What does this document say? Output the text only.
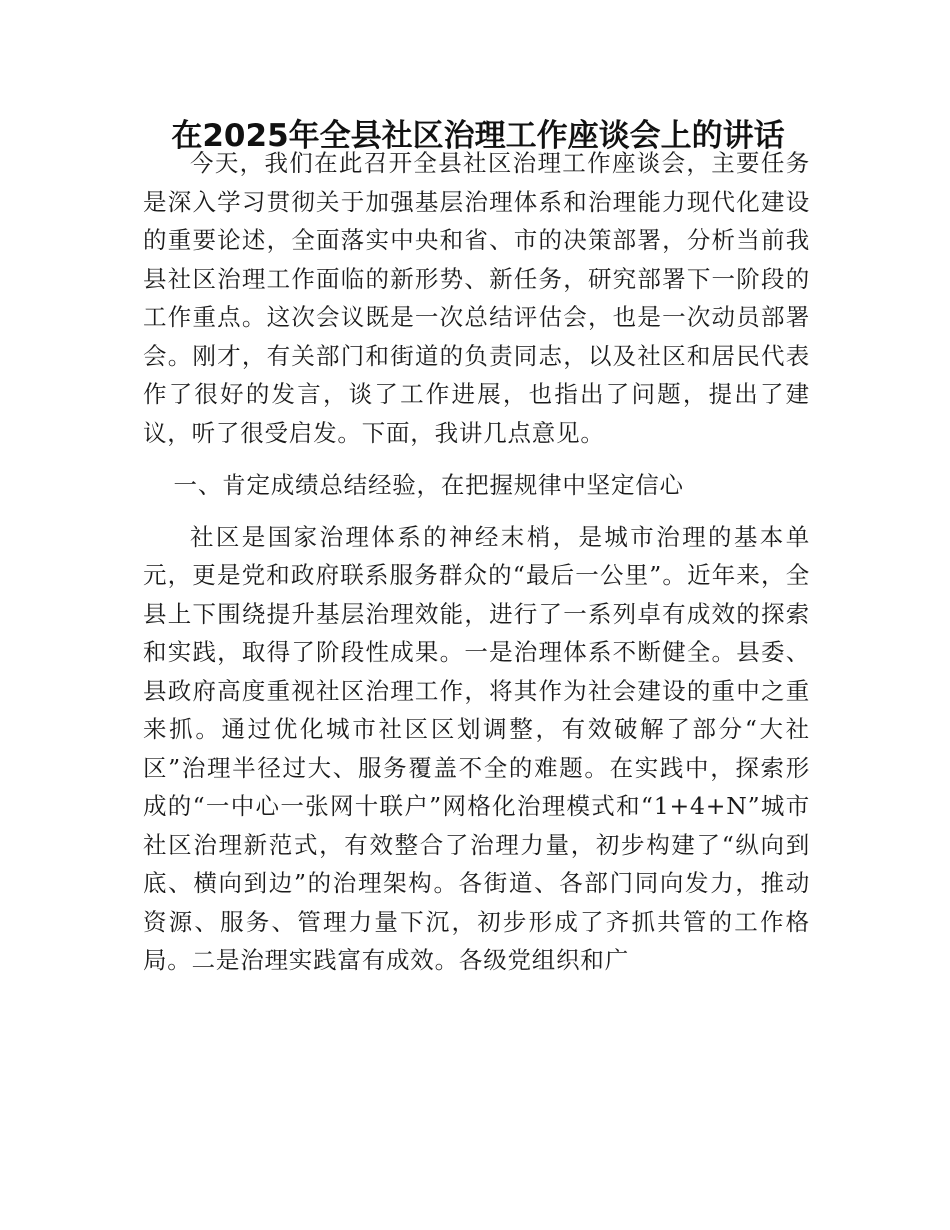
在2025年全县社区治理工作座谈会上的讲话

今天，我们在此召开全县社区治理工作座谈会，主要任务是深入学习贯彻关于加强基层治理体系和治理能力现代化建设的重要论述，全面落实中央和省、市的决策部署，分析当前我县社区治理工作面临的新形势、新任务，研究部署下一阶段的工作重点。这次会议既是一次总结评估会，也是一次动员部署会。刚才，有关部门和街道的负责同志，以及社区和居民代表作了很好的发言，谈了工作进展，也指出了问题，提出了建议，听了很受启发。下面，我讲几点意见。

一、肯定成绩总结经验，在把握规律中坚定信心

社区是国家治理体系的神经末梢，是城市治理的基本单元，更是党和政府联系服务群众的“最后一公里”。近年来，全县上下围绕提升基层治理效能，进行了一系列卓有成效的探索和实践，取得了阶段性成果。一是治理体系不断健全。县委、县政府高度重视社区治理工作，将其作为社会建设的重中之重来抓。通过优化城市社区区划调整，有效破解了部分“大社区”治理半径过大、服务覆盖不全的难题。在实践中，探索形成的“一中心一张网十联户”网格化治理模式和“1+4+N”城市社区治理新范式，有效整合了治理力量，初步构建了“纵向到底、横向到边”的治理架构。各街道、各部门同向发力，推动资源、服务、管理力量下沉，初步形成了齐抓共管的工作格局。二是治理实践富有成效。各级党组织和广
